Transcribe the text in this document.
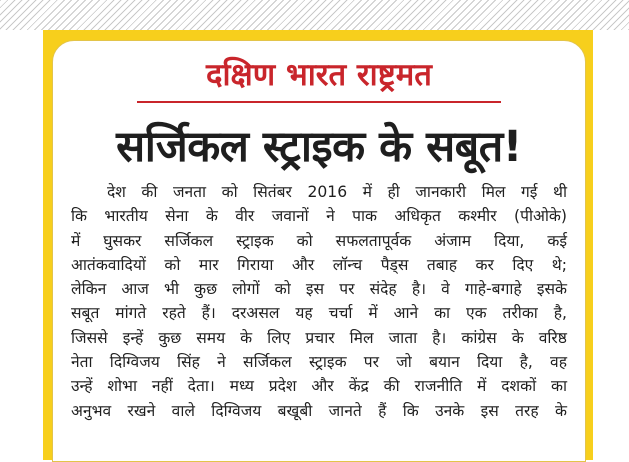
दक्षिण भारत राष्ट्रमत
सर्जिकल स्ट्राइक के सबूत!
देश की जनता को सितंबर 2016 में ही जानकारी मिल गई थी
कि भारतीय सेना के वीर जवानों ने पाक अधिकृत कश्मीर (पीओके)
में घुसकर सर्जिकल स्ट्राइक को सफलतापूर्वक अंजाम दिया, कई
आतंकवादियों को मार गिराया और लॉन्च पैड्स तबाह कर दिए थे;
लेकिन आज भी कुछ लोगों को इस पर संदेह है। वे गाहे-बगाहे इसके
सबूत मांगते रहते हैं। दरअसल यह चर्चा में आने का एक तरीका है,
जिससे इन्हें कुछ समय के लिए प्रचार मिल जाता है। कांग्रेस के वरिष्ठ
नेता दिग्विजय सिंह ने सर्जिकल स्ट्राइक पर जो बयान दिया है, वह
उन्हें शोभा नहीं देता। मध्य प्रदेश और केंद्र की राजनीति में दशकों का
अनुभव रखने वाले दिग्विजय बखूबी जानते हैं कि उनके इस तरह के
